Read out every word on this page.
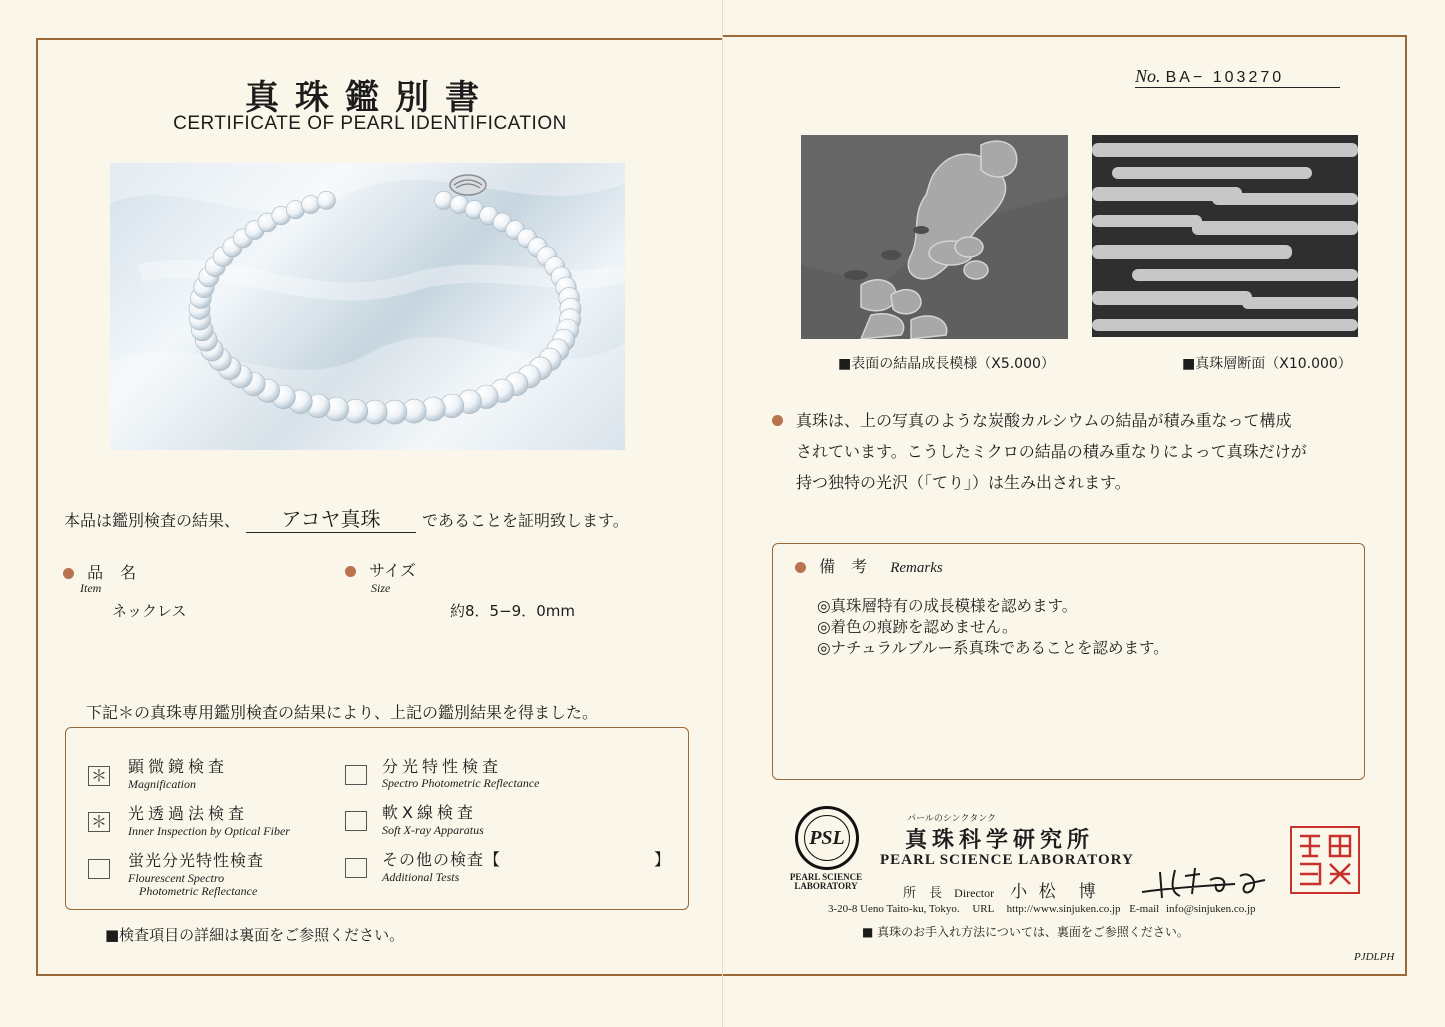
真珠鑑別書
CERTIFICATE OF PEARL IDENTIFICATION
本品は鑑別検査の結果、 アコヤ真珠	であることを証明致します。
品 名
Item
ネックレス
サイズ
Size
約8．5−9．0mm
下記＊の真珠専用鑑別検査の結果により、上記の鑑別結果を得ました。
＊ 顕微鏡検査
Magnification
分光特性検査
Spectro Photometric Reflectance
＊ 光透過法検査
Inner Inspection by Optical Fiber
軟X線検査
Soft X-ray Apparatus
蛍光分光特性検査
Flourescent Spectro
Photometric Reflectance
その他の検査【	】
Additional Tests
■検査項目の詳細は裏面をご参照ください。
No. BA− 103270
■表面の結晶成長模様（X5.000）	■真珠層断面（X10.000）

真珠は、上の写真のような炭酸カルシウムの結晶が積み重なって構成

されています。こうしたミクロの結晶の積み重なりによって真珠だけが

持つ独特の光沢（「てり」）は生み出されます。

備　考 Remarks
◎真珠層特有の成長模様を認めます。
◎着色の痕跡を認めません。
◎ナチュラルブルー系真珠であることを認めます。
PSL
PEARL SCIENCE
LABORATORY
パールのシンクタンク
真珠科学研究所
PEARL SCIENCE LABORATORY
所　長 Director 小 松　博
3-20-8 Ueno Taito-ku, Tokyo. URL http://www.sinjuken.co.jp E-mail info@sinjuken.co.jp
■ 真珠のお手入れ方法については、裏面をご参照ください。
PJDLPH
